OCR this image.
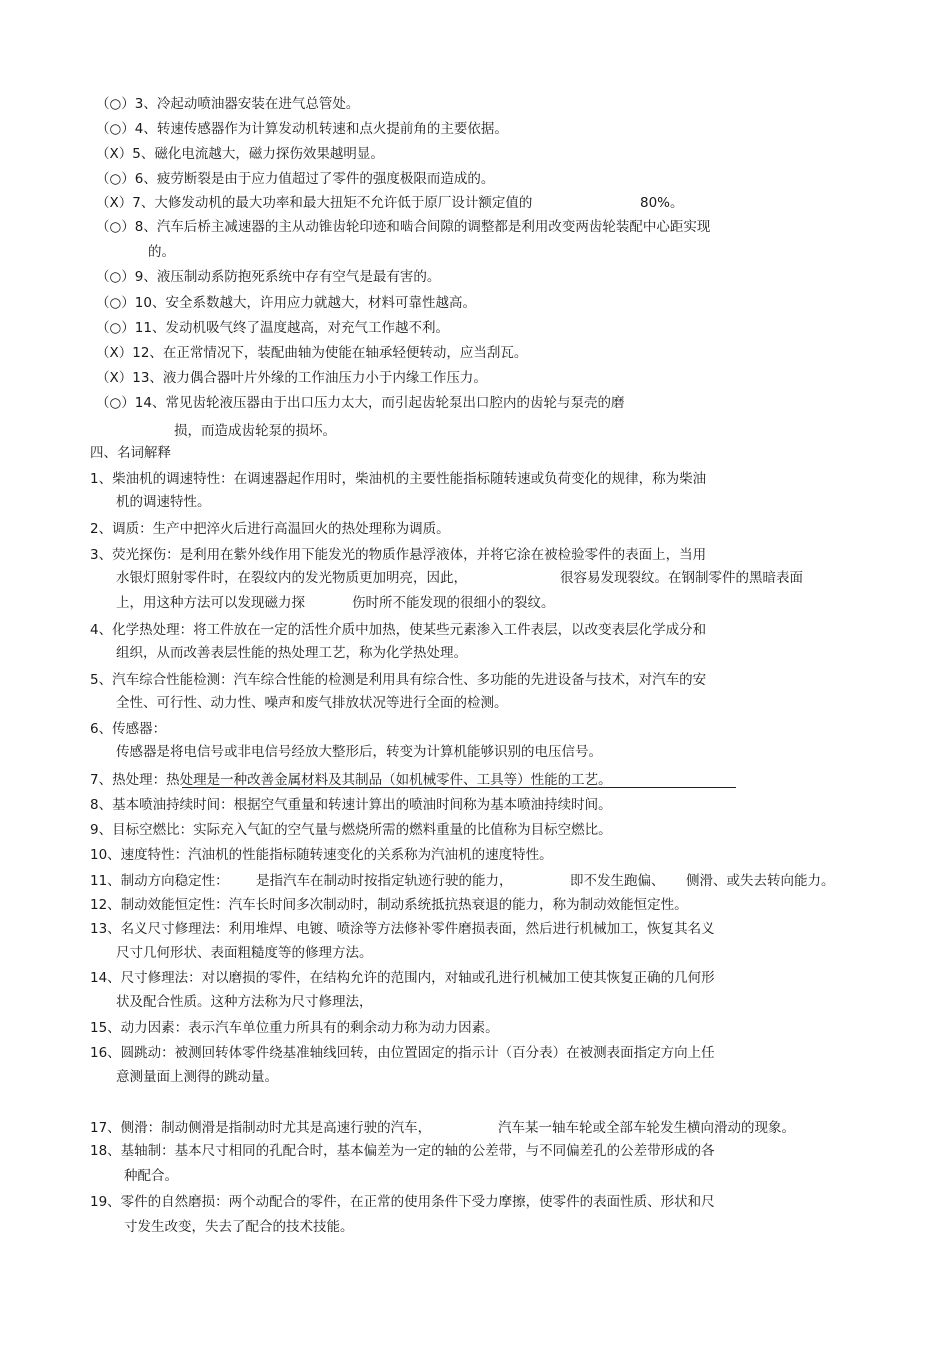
（○）3、冷起动喷油器安装在进气总管处。
（○）4、转速传感器作为计算发动机转速和点火提前角的主要依据。
（X）5、磁化电流越大，磁力探伤效果越明显。
（○）6、疲劳断裂是由于应力值超过了零件的强度极限而造成的。
（X）7、大修发动机的最大功率和最大扭矩不允许低于原厂设计额定值的	80%。
（○）8、汽车后桥主减速器的主从动锥齿轮印迹和啮合间隙的调整都是利用改变两齿轮装配中心距实现
的。
（○）9、液压制动系防抱死系统中存有空气是最有害的。
（○）10、安全系数越大，许用应力就越大，材料可靠性越高。
（○）11、发动机吸气终了温度越高，对充气工作越不利。
（X）12、在正常情况下，装配曲轴为使能在轴承轻便转动，应当刮瓦。
（X）13、液力偶合器叶片外缘的工作油压力小于内缘工作压力。
（○）14、常见齿轮液压器由于出口压力太大，而引起齿轮泵出口腔内的齿轮与泵壳的磨
损，而造成齿轮泵的损坏。
四、名词解释
1、柴油机的调速特性：在调速器起作用时，柴油机的主要性能指标随转速或负荷变化的规律，称为柴油
机的调速特性。
2、调质：生产中把淬火后进行高温回火的热处理称为调质。
3、荧光探伤：是利用在紫外线作用下能发光的物质作悬浮液体，并将它涂在被检验零件的表面上，当用
水银灯照射零件时，在裂纹内的发光物质更加明亮，因此，	很容易发现裂纹。在钢制零件的黑暗表面
上，用这种方法可以发现磁力探	伤时所不能发现的很细小的裂纹。
4、化学热处理：将工件放在一定的活性介质中加热，使某些元素渗入工件表层，以改变表层化学成分和
组织，从而改善表层性能的热处理工艺，称为化学热处理。
5、汽车综合性能检测：汽车综合性能的检测是利用具有综合性、多功能的先进设备与技术，对汽车的安
全性、可行性、动力性、噪声和废气排放状况等进行全面的检测。
6、传感器：
传感器是将电信号或非电信号经放大整形后，转变为计算机能够识别的电压信号。
7、热处理：热处理是一种改善金属材料及其制品（如机械零件、工具等）性能的工艺。
8、基本喷油持续时间：根据空气重量和转速计算出的喷油时间称为基本喷油持续时间。
9、目标空燃比：实际充入气缸的空气量与燃烧所需的燃料重量的比值称为目标空燃比。
10、速度特性：汽油机的性能指标随转速变化的关系称为汽油机的速度特性。
11、制动方向稳定性： 是指汽车在制动时按指定轨迹行驶的能力，	即不发生跑偏、 侧滑、或失去转向能力。
12、制动效能恒定性：汽车长时间多次制动时，制动系统抵抗热衰退的能力，称为制动效能恒定性。
13、名义尺寸修理法：利用堆焊、电镀、喷涂等方法修补零件磨损表面，然后进行机械加工，恢复其名义
尺寸几何形状、表面粗糙度等的修理方法。
14、尺寸修理法：对以磨损的零件，在结构允许的范围内，对轴或孔进行机械加工使其恢复正确的几何形
状及配合性质。这种方法称为尺寸修理法，
15、动力因素：表示汽车单位重力所具有的剩余动力称为动力因素。
16、圆跳动：被测回转体零件绕基准轴线回转，由位置固定的指示计（百分表）在被测表面指定方向上任
意测量面上测得的跳动量。
17、侧滑：制动侧滑是指制动时尤其是高速行驶的汽车，	汽车某一轴车轮或全部车轮发生横向滑动的现象。
18、基轴制：基本尺寸相同的孔配合时，基本偏差为一定的轴的公差带，与不同偏差孔的公差带形成的各
种配合。
19、零件的自然磨损：两个动配合的零件，在正常的使用条件下受力摩擦，使零件的表面性质、形状和尺
寸发生改变，失去了配合的技术技能。
